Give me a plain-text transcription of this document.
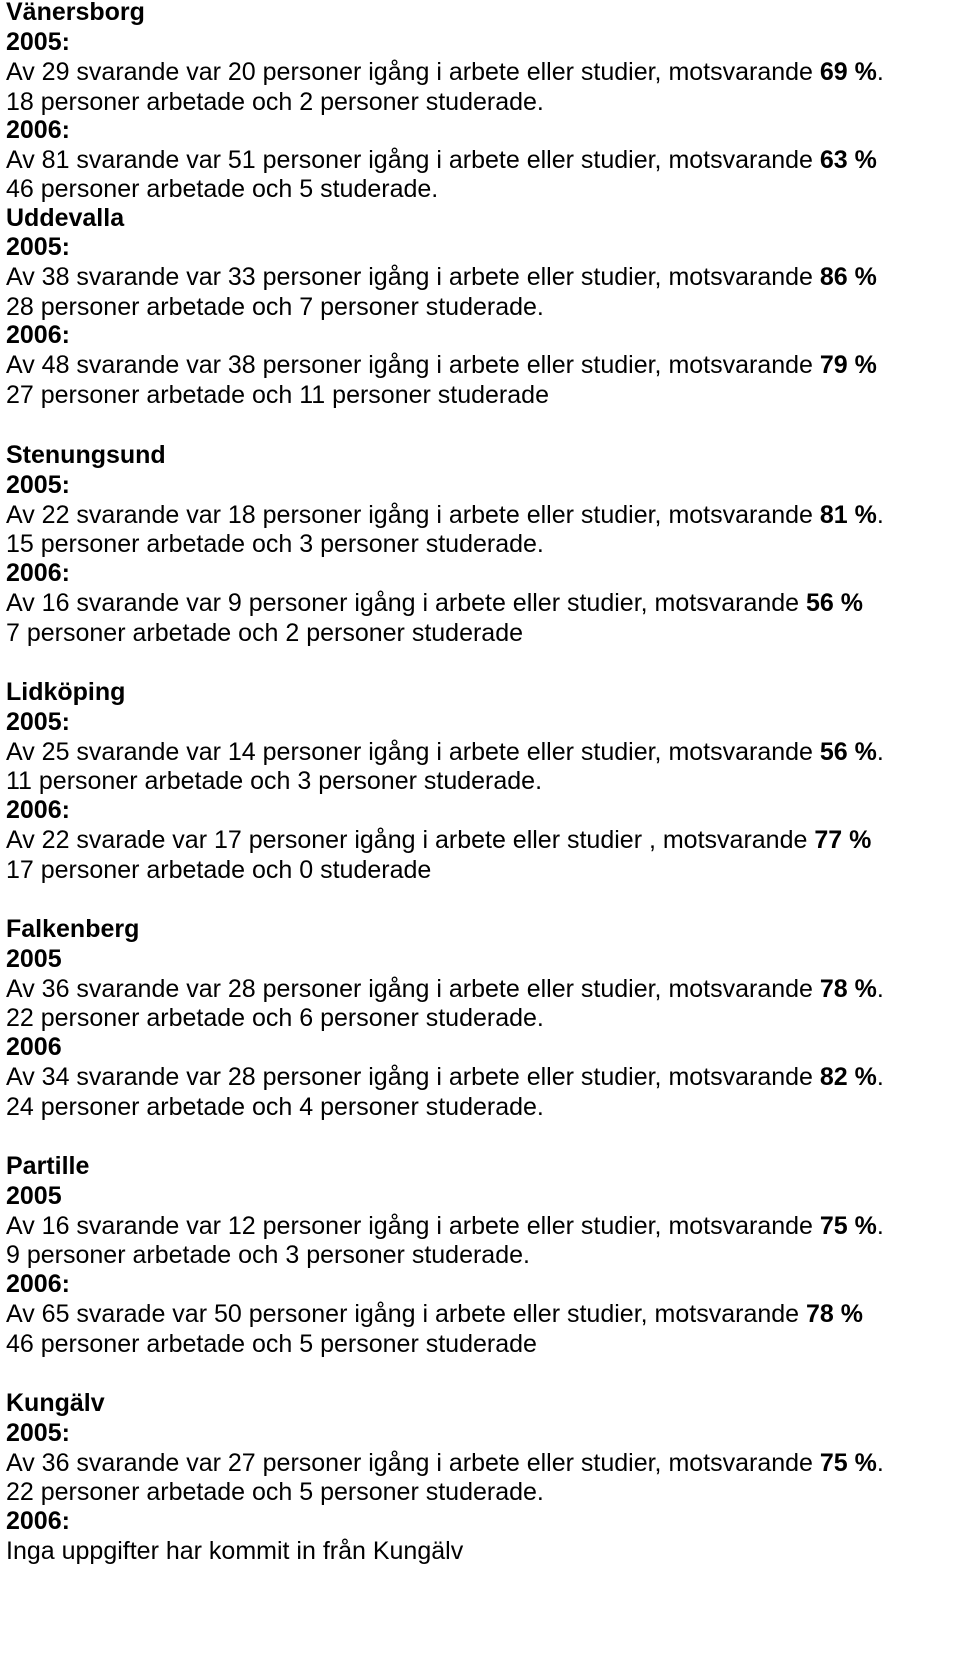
Vänersborg
2005:
Av 29 svarande var 20 personer igång i arbete eller studier, motsvarande 69 %.
18 personer arbetade och 2 personer studerade.
2006:
Av 81 svarande var 51 personer igång i arbete eller studier, motsvarande 63 %
46 personer arbetade och 5 studerade.
Uddevalla
2005:
Av 38 svarande var 33 personer igång i arbete eller studier, motsvarande 86 %
28 personer arbetade och 7 personer studerade.
2006:
Av 48 svarande var 38 personer igång i arbete eller studier, motsvarande 79 %
27 personer arbetade och 11 personer studerade
Stenungsund
2005:
Av 22 svarande var 18 personer igång i arbete eller studier, motsvarande 81 %.
15 personer arbetade och 3 personer studerade.
2006:
Av 16 svarande var 9 personer igång i arbete eller studier, motsvarande 56 %
7 personer arbetade och 2 personer studerade
Lidköping
2005:
Av 25 svarande var 14 personer igång i arbete eller studier, motsvarande 56 %.
11 personer arbetade och 3 personer studerade.
2006:
Av 22 svarade var 17 personer igång i arbete eller studier , motsvarande 77 %
17 personer arbetade och 0 studerade
Falkenberg
2005
Av 36 svarande var 28 personer igång i arbete eller studier, motsvarande 78 %.
22 personer arbetade och 6 personer studerade.
2006
Av 34 svarande var 28 personer igång i arbete eller studier, motsvarande 82 %.
24 personer arbetade och 4 personer studerade.
Partille
2005
Av 16 svarande var 12 personer igång i arbete eller studier, motsvarande 75 %.
9 personer arbetade och 3 personer studerade.
2006:
Av 65 svarade var 50 personer igång i arbete eller studier, motsvarande 78 %
46 personer arbetade och 5 personer studerade
Kungälv
2005:
Av 36 svarande var 27 personer igång i arbete eller studier, motsvarande 75 %.
22 personer arbetade och 5 personer studerade.
2006:
Inga uppgifter har kommit in från Kungälv
